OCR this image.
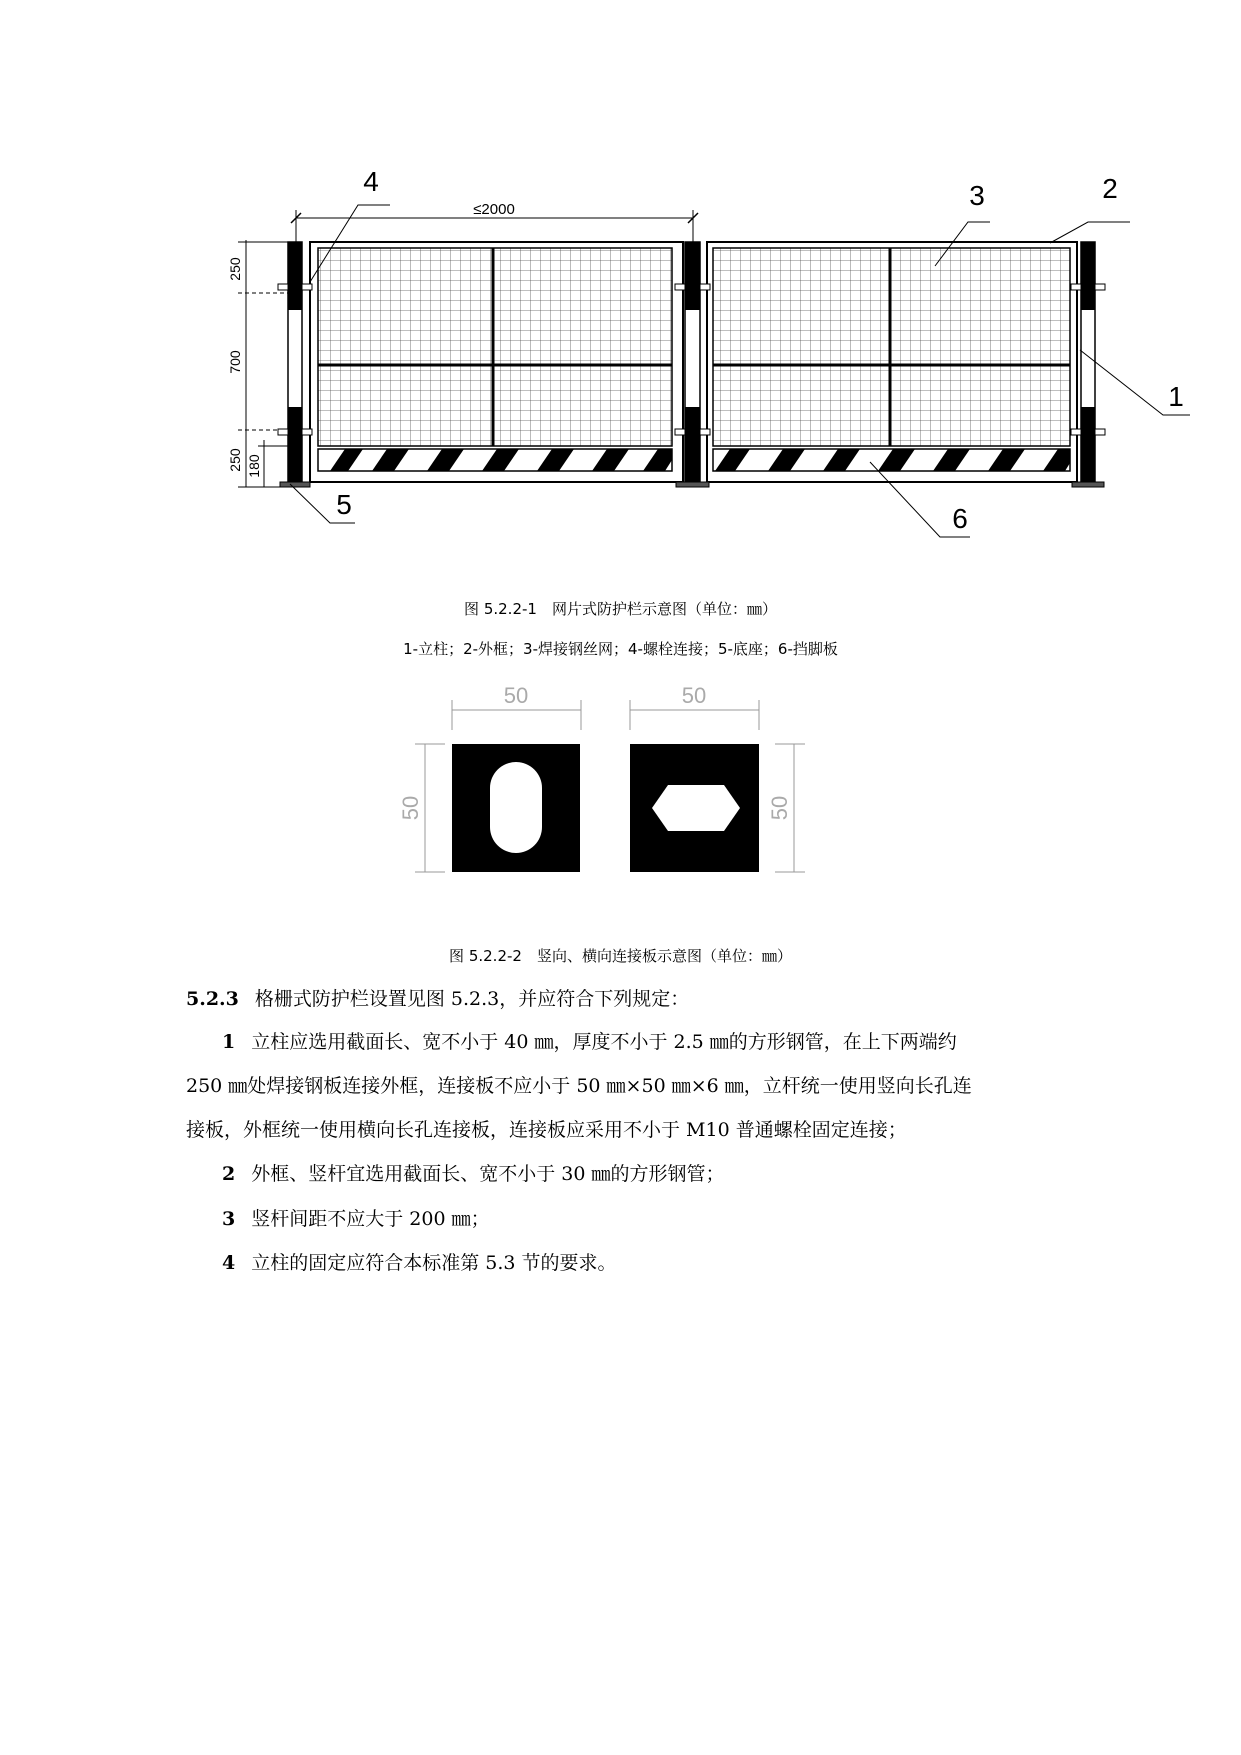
≤2000
250
700
250 180
1
2
3
4
5	6
图 5.2.2-1　网片式防护栏示意图（单位：㎜）
1-立柱；2-外框；3-焊接钢丝网；4-螺栓连接；5-底座；6-挡脚板
50	50
50	50
图 5.2.2-2　竖向、横向连接板示意图（单位：㎜）
5.2.3 格栅式防护栏设置见图 5.2.3，并应符合下列规定：
1 立柱应选用截面长、宽不小于 40 ㎜，厚度不小于 2.5 ㎜的方形钢管，在上下两端约
250 ㎜处焊接钢板连接外框，连接板不应小于 50 ㎜×50 ㎜×6 ㎜，立杆统一使用竖向长孔连
接板，外框统一使用横向长孔连接板，连接板应采用不小于 M10 普通螺栓固定连接；
2 外框、竖杆宜选用截面长、宽不小于 30 ㎜的方形钢管；
3 竖杆间距不应大于 200 ㎜；
4 立柱的固定应符合本标准第 5.3 节的要求。
